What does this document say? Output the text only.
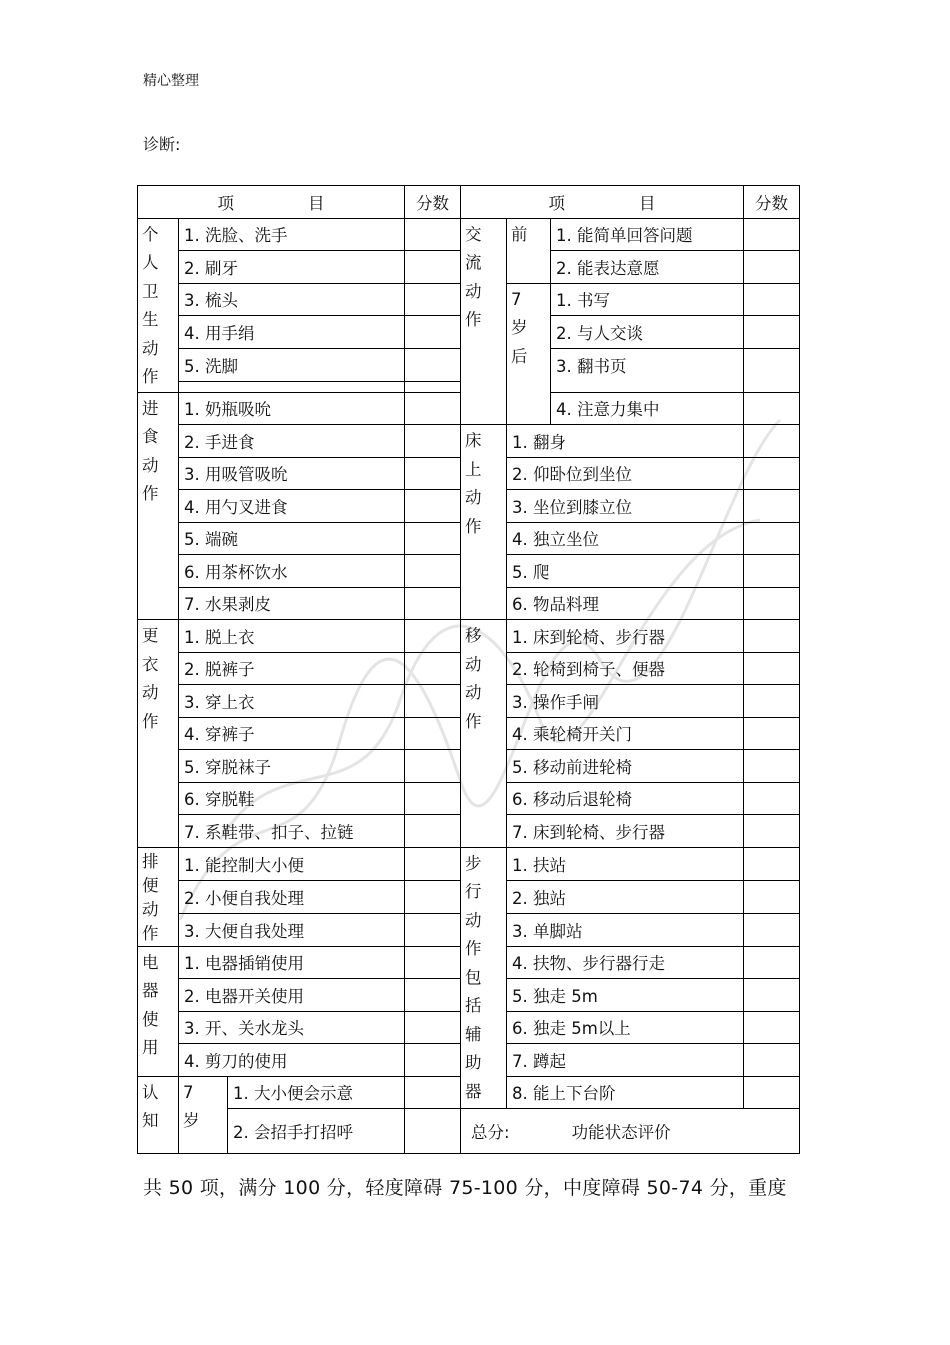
精心整理
诊断:
项 目			分数	项 目			分数

个人卫生动作	1. 洗脸、洗手			交流动作	前	1. 能简单回答问题	
	2. 刷牙					2. 能表达意愿	
	3. 梳头				7岁后	1. 书写	
	4. 用手绢					2. 与人交谈	
	5. 洗脚					3. 翻书页	

进食动作	1. 奶瓶吸吮					4. 注意力集中	
	2. 手进食			床上动作	1. 翻身		
	3. 用吸管吸吮				2. 仰卧位到坐位		
	4. 用勺叉进食				3. 坐位到膝立位		
	5. 端碗				4. 独立坐位		
	6. 用茶杯饮水				5. 爬		
	7. 水果剥皮				6. 物品料理		

更衣动作	1. 脱上衣			移动动作	1. 床到轮椅、步行器		
	2. 脱裤子				2. 轮椅到椅子、便器		
	3. 穿上衣				3. 操作手闸		
	4. 穿裤子				4. 乘轮椅开关门		
	5. 穿脱袜子				5. 移动前进轮椅		
	6. 穿脱鞋				6. 移动后退轮椅		
	7. 系鞋带、扣子、拉链				7. 床到轮椅、步行器		

排便动作	1. 能控制大小便			步行动作包括辅助器	1. 扶站		
	2. 小便自我处理				2. 独站		
	3. 大便自我处理				3. 单脚站		

电器使用	1. 电器插销使用				4. 扶物、步行器行走		
	2. 电器开关使用				5. 独走 5m		
	3. 开、关水龙头				6. 独走 5m以上		
	4. 剪刀的使用				7. 蹲起		

认知	7岁	1. 大小便会示意			8. 能上下台阶		
		2. 会招手打招呼		总分: 功能状态评价			
共 50 项，满分 100 分，轻度障碍 75-100 分，中度障碍 50-74 分，重度
